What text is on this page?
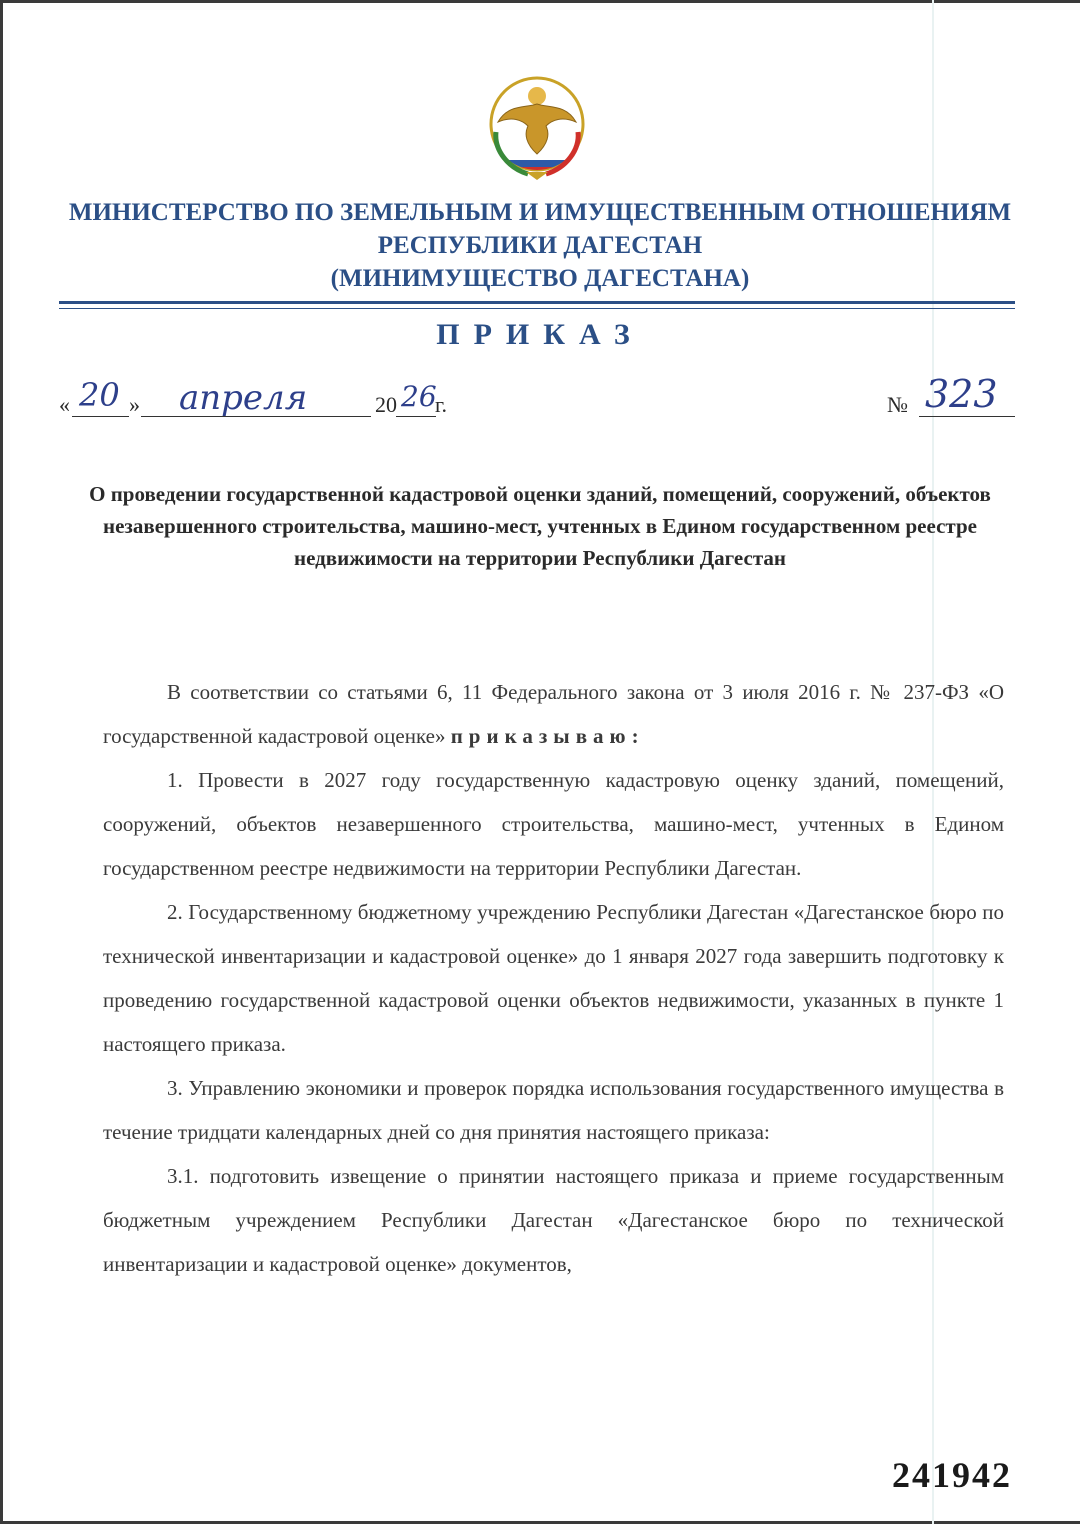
МИНИСТЕРСТВО ПО ЗЕМЕЛЬНЫМ И ИМУЩЕСТВЕННЫМ ОТНОШЕНИЯМ
РЕСПУБЛИКИ ДАГЕСТАН
(МИНИМУЩЕСТВО ДАГЕСТАНА)
ПРИКАЗ
« 20 » апреля	20 26
г.	№ 323
О проведении государственной кадастровой оценки зданий, помещений, сооружений, объектов незавершенного строительства, машино-мест, учтенных в Едином государственном реестре недвижимости на территории Республики Дагестан

В соответствии со статьями 6, 11 Федерального закона от 3 июля 2016 г. № 237-ФЗ «О государственной кадастровой оценке» приказываю:

1. Провести в 2027 году государственную кадастровую оценку зданий, помещений, сооружений, объектов незавершенного строительства, машино-мест, учтенных в Едином государственном реестре недвижимости на территории Республики Дагестан.

2. Государственному бюджетному учреждению Республики Дагестан «Дагестанское бюро по технической инвентаризации и кадастровой оценке» до 1 января 2027 года завершить подготовку к проведению государственной кадастровой оценки объектов недвижимости, указанных в пункте 1 настоящего приказа.

3. Управлению экономики и проверок порядка использования государственного имущества в течение тридцати календарных дней со дня принятия настоящего приказа:

3.1. подготовить извещение о принятии настоящего приказа и приеме государственным бюджетным учреждением Республики Дагестан «Дагестанское бюро по технической инвентаризации и кадастровой оценке» документов,

241942
